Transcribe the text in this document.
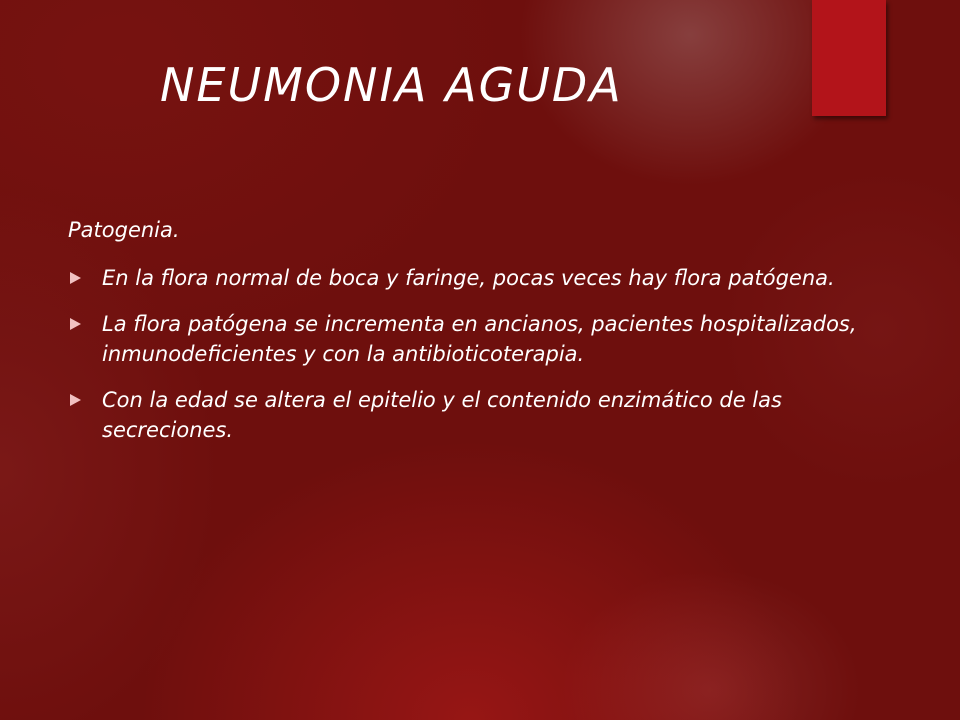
NEUMONIA AGUDA

Patogenia.

En la flora normal de boca y faringe, pocas veces hay flora patógena.
La flora patógena se incrementa en ancianos, pacientes hospitalizados, inmunodeficientes y con la antibioticoterapia.
Con la edad se altera el epitelio y el contenido enzimático de las secreciones.
